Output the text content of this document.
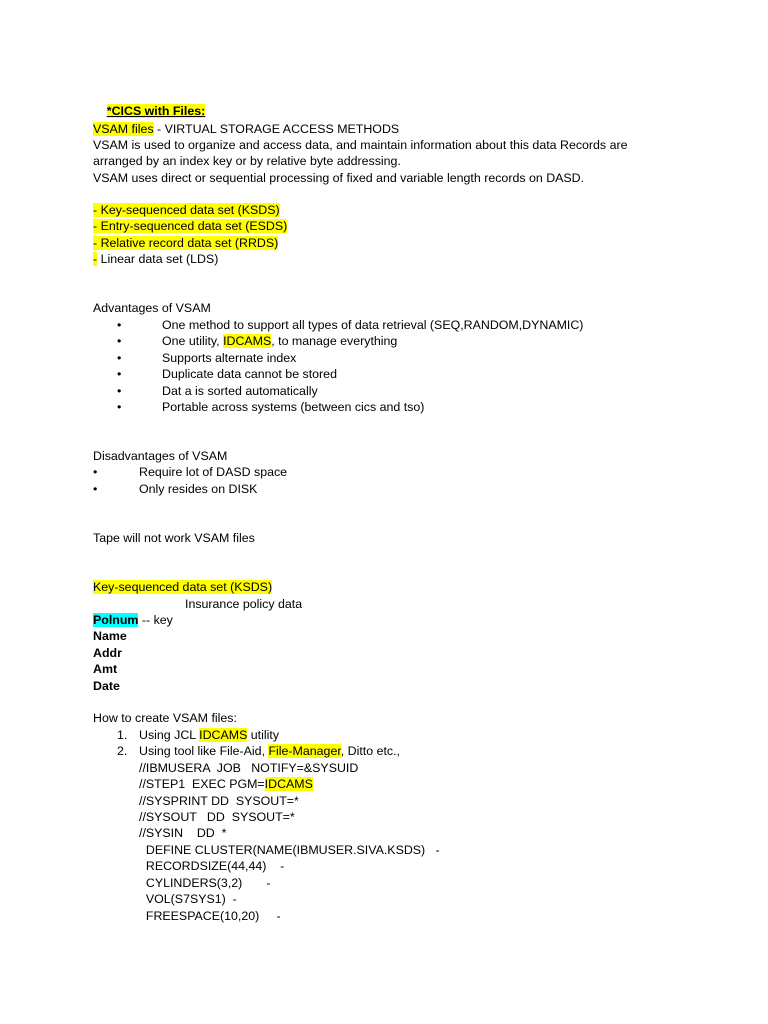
*CICS with Files:

VSAM files - VIRTUAL STORAGE ACCESS METHODS
VSAM is used to organize and access data, and maintain information about this data Records are
arranged by an index key or by relative byte addressing.
VSAM uses direct or sequential processing of fixed and variable length records on DASD.
- Key-sequenced data set (KSDS)
- Entry-sequenced data set (ESDS)
- Relative record data set (RRDS)
- Linear data set (LDS)
Advantages of VSAM
•	One method to support all types of data retrieval (SEQ,RANDOM,DYNAMIC)
•	One utility, IDCAMS, to manage everything
•	Supports alternate index
•	Duplicate data cannot be stored
•	Dat a is sorted automatically
•	Portable across systems (between cics and tso)
Disadvantages of VSAM
•	Require lot of DASD space
•	Only resides on DISK
Tape will not work VSAM files
Key-sequenced data set (KSDS)
Insurance policy data
Polnum -- key
Name
Addr
Amt
Date
How to create VSAM files:
1. Using JCL IDCAMS utility
2. Using tool like File-Aid, File-Manager, Ditto etc.,
//IBMUSERA  JOB   NOTIFY=&SYSUID
//STEP1  EXEC PGM=IDCAMS
//SYSPRINT DD  SYSOUT=*
//SYSOUT   DD  SYSOUT=*
//SYSIN    DD  *
DEFINE CLUSTER(NAME(IBMUSER.SIVA.KSDS)   -
RECORDSIZE(44,44)    -
CYLINDERS(3,2)       -
VOL(S7SYS1)  -
FREESPACE(10,20)     -
